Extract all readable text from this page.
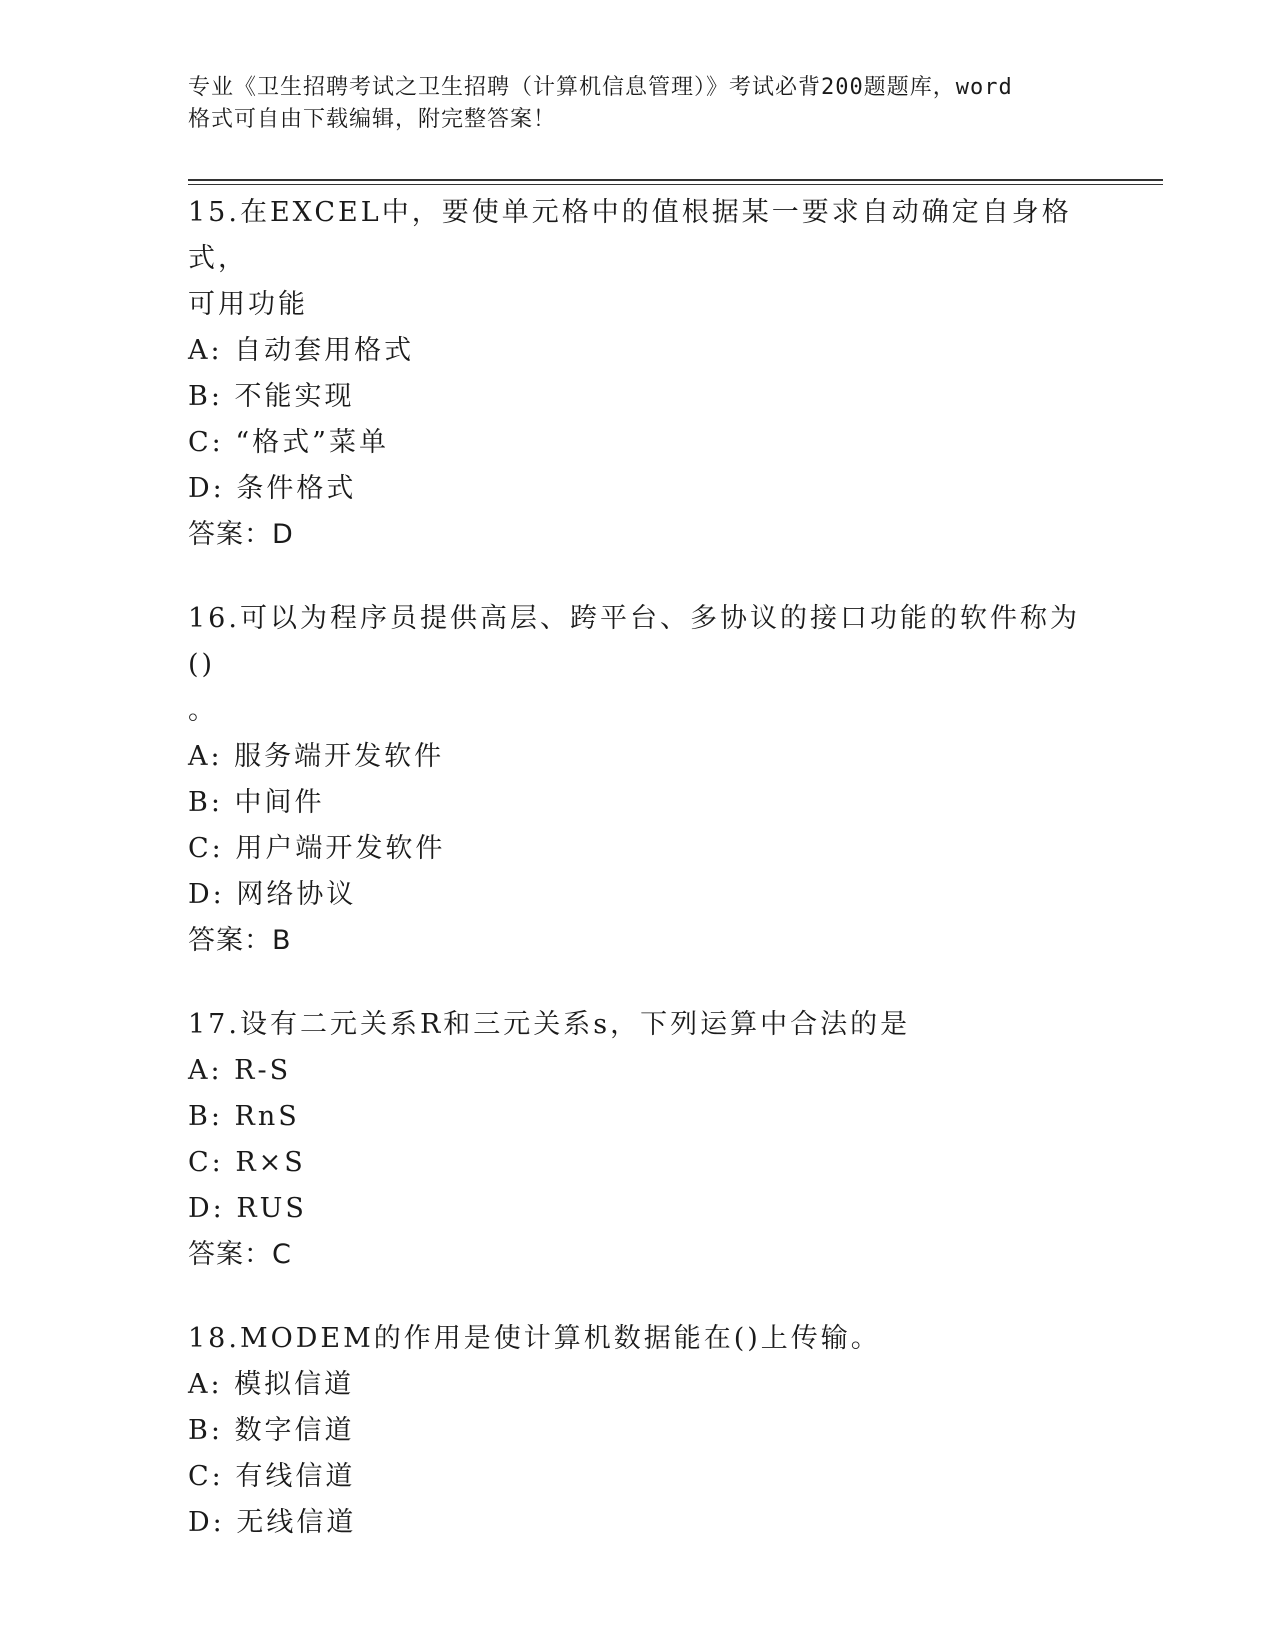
专业《卫生招聘考试之卫生招聘（计算机信息管理）》考试必背200题题库，word
格式可自由下载编辑，附完整答案！
15.在EXCEL中，要使单元格中的值根据某一要求自动确定自身格式，
可用功能
A: 自动套用格式
B: 不能实现
C: “格式”菜单
D: 条件格式
答案：D
16.可以为程序员提供高层、跨平台、多协议的接口功能的软件称为()
。
A: 服务端开发软件
B: 中间件
C: 用户端开发软件
D: 网络协议
答案：B
17.设有二元关系R和三元关系s，下列运算中合法的是
A: R-S
B: RnS
C: R×S
D: RUS
答案：C
18.MODEM的作用是使计算机数据能在()上传输。
A: 模拟信道
B: 数字信道
C: 有线信道
D: 无线信道
